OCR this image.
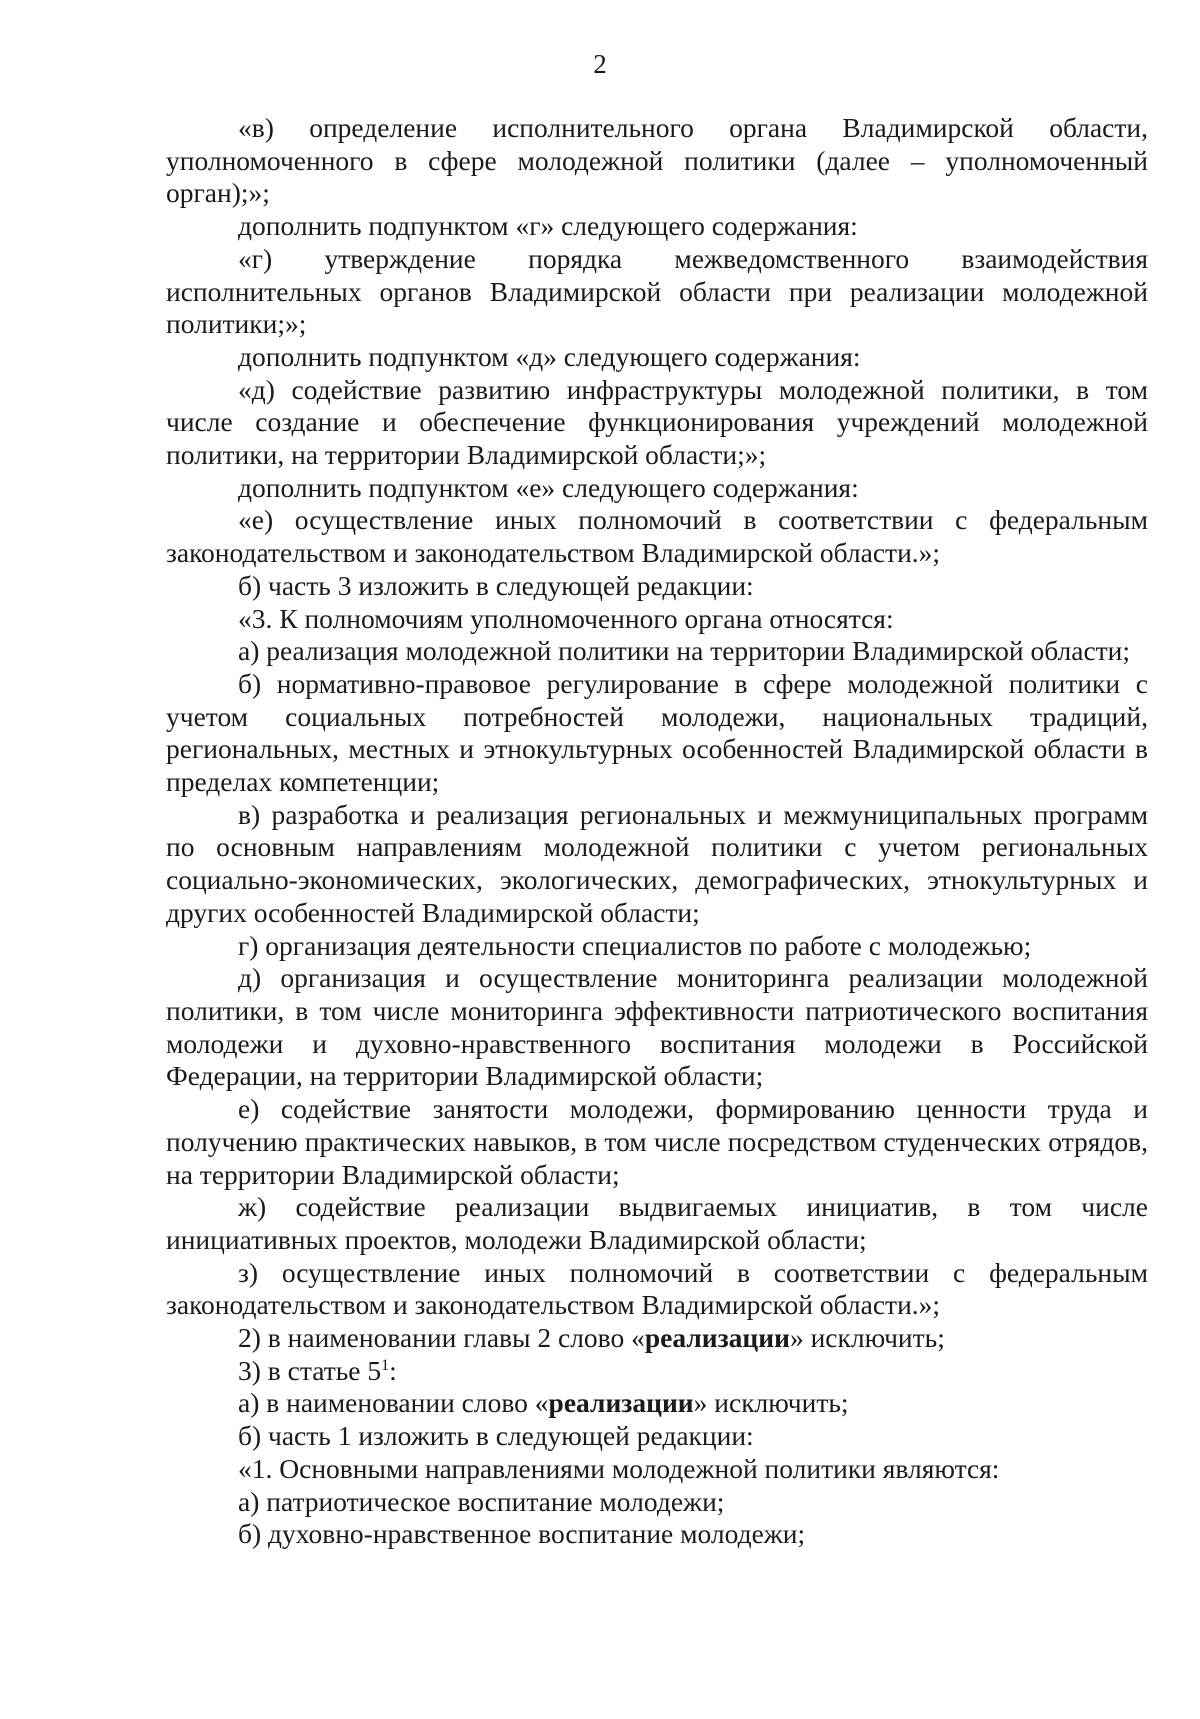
2

«в) определение исполнительного органа Владимирской области, уполномоченного в сфере молодежной политики (далее – уполномоченный орган);»;

дополнить подпунктом «г» следующего содержания:

«г) утверждение порядка межведомственного взаимодействия исполнительных органов Владимирской области при реализации молодежной политики;»;

дополнить подпунктом «д» следующего содержания:

«д) содействие развитию инфраструктуры молодежной политики, в том числе создание и обеспечение функционирования учреждений молодежной политики, на территории Владимирской области;»;

дополнить подпунктом «е» следующего содержания:

«е) осуществление иных полномочий в соответствии с федеральным законодательством и законодательством Владимирской области.»;

б) часть 3 изложить в следующей редакции:

«3. К полномочиям уполномоченного органа относятся:

а) реализация молодежной политики на территории Владимирской области;

б) нормативно-правовое регулирование в сфере молодежной политики с учетом социальных потребностей молодежи, национальных традиций, региональных, местных и этнокультурных особенностей Владимирской области в пределах компетенции;

в) разработка и реализация региональных и межмуниципальных программ по основным направлениям молодежной политики с учетом региональных социально-экономических, экологических, демографических, этнокультурных и других особенностей Владимирской области;

г) организация деятельности специалистов по работе с молодежью;

д) организация и осуществление мониторинга реализации молодежной политики, в том числе мониторинга эффективности патриотического воспитания молодежи и духовно-нравственного воспитания молодежи в Российской Федерации, на территории Владимирской области;

е) содействие занятости молодежи, формированию ценности труда и получению практических навыков, в том числе посредством студенческих отрядов, на территории Владимирской области;

ж) содействие реализации выдвигаемых инициатив, в том числе инициативных проектов, молодежи Владимирской области;

з) осуществление иных полномочий в соответствии с федеральным законодательством и законодательством Владимирской области.»;

2) в наименовании главы 2 слово «реализации» исключить;

3) в статье $5^1$:

а) в наименовании слово «реализации» исключить;

б) часть 1 изложить в следующей редакции:

«1. Основными направлениями молодежной политики являются:

а) патриотическое воспитание молодежи;

б) духовно-нравственное воспитание молодежи;
